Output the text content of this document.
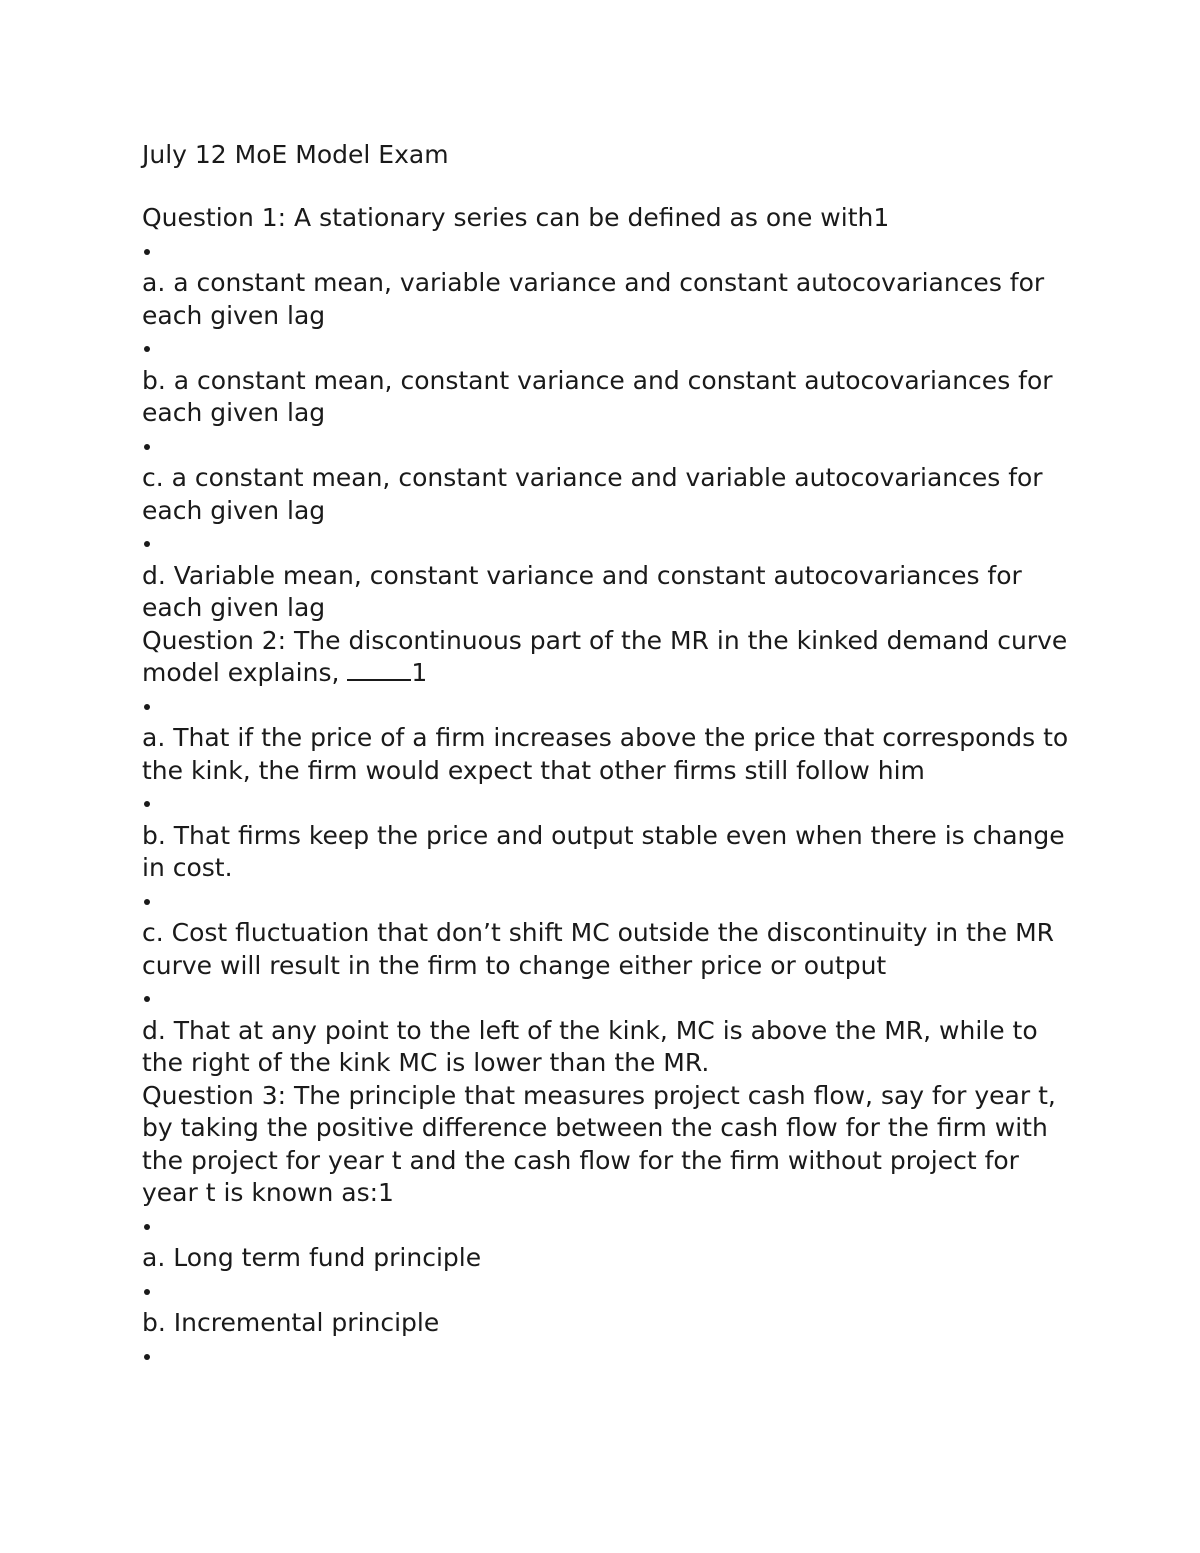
July 12 MoE Model Exam
Question 1: A stationary series can be defined as one with1
a. a constant mean, variable variance and constant autocovariances for each given lag
b. a constant mean, constant variance and constant autocovariances for each given lag
c. a constant mean, constant variance and variable autocovariances for each given lag
d. Variable mean, constant variance and constant autocovariances for each given lag
Question 2: The discontinuous part of the MR in the kinked demand curve model explains,	1
a. That if the price of a firm increases above the price that corresponds to the kink, the firm would expect that other firms still follow him
b. That firms keep the price and output stable even when there is change in cost.
c. Cost fluctuation that don’t shift MC outside the discontinuity in the MR curve will result in the firm to change either price or output
d. That at any point to the left of the kink, MC is above the MR, while to the right of the kink MC is lower than the MR.
Question 3: The principle that measures project cash flow, say for year t, by taking the positive difference between the cash flow for the firm with the project for year t and the cash flow for the firm without project for year t is known as:1
a. Long term fund principle
b. Incremental principle
